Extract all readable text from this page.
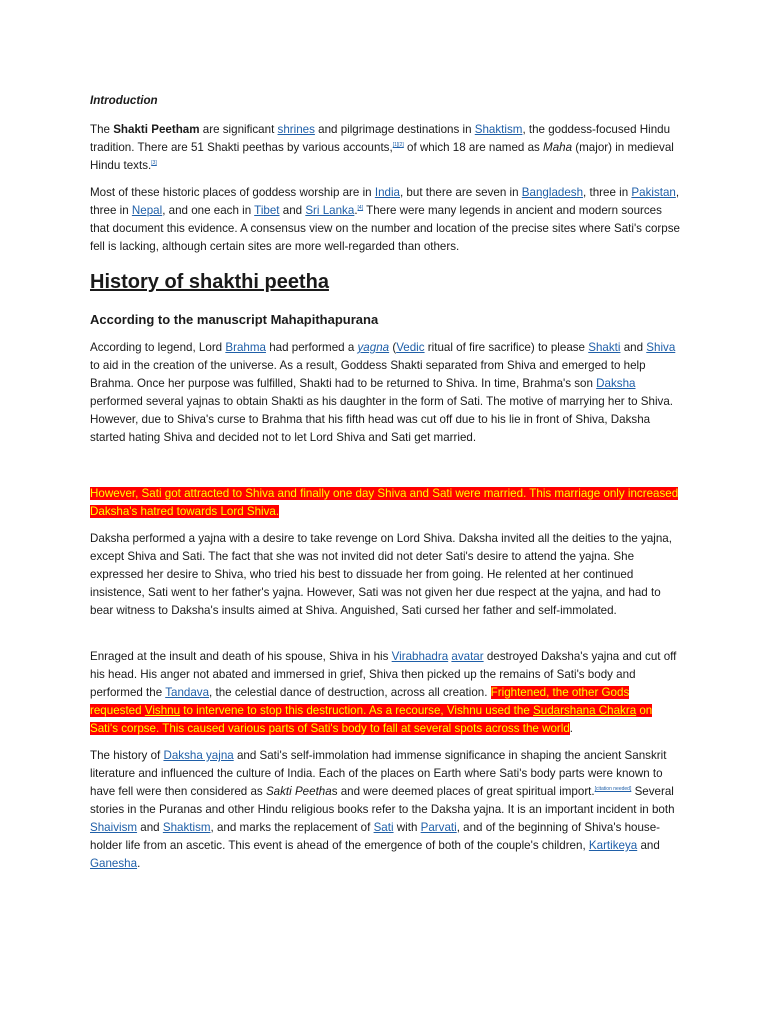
Introduction

The Shakti Peetham are significant shrines and pilgrimage destinations in Shaktism, the goddess-focused Hindu tradition. There are 51 Shakti peethas by various accounts,[1][2] of which 18 are named as Maha (major) in medieval Hindu texts.[3]

Most of these historic places of goddess worship are in India, but there are seven in Bangladesh, three in Pakistan, three in Nepal, and one each in Tibet and Sri Lanka.[4] There were many legends in ancient and modern sources that document this evidence. A consensus view on the number and location of the precise sites where Sati's corpse fell is lacking, although certain sites are more well-regarded than others.

History of shakthi peetha
According to the manuscript Mahapithapurana

According to legend, Lord Brahma had performed a yagna (Vedic ritual of fire sacrifice) to please Shakti and Shiva to aid in the creation of the universe. As a result, Goddess Shakti separated from Shiva and emerged to help Brahma. Once her purpose was fulfilled, Shakti had to be returned to Shiva. In time, Brahma's son Daksha performed several yajnas to obtain Shakti as his daughter in the form of Sati. The motive of marrying her to Shiva. However, due to Shiva's curse to Brahma that his fifth head was cut off due to his lie in front of Shiva, Daksha started hating Shiva and decided not to let Lord Shiva and Sati get married.

However, Sati got attracted to Shiva and finally one day Shiva and Sati were married. This marriage only increased Daksha's hatred towards Lord Shiva.

Daksha performed a yajna with a desire to take revenge on Lord Shiva. Daksha invited all the deities to the yajna, except Shiva and Sati. The fact that she was not invited did not deter Sati's desire to attend the yajna. She expressed her desire to Shiva, who tried his best to dissuade her from going. He relented at her continued insistence, Sati went to her father's yajna. However, Sati was not given her due respect at the yajna, and had to bear witness to Daksha's insults aimed at Shiva. Anguished, Sati cursed her father and self-immolated.

Enraged at the insult and death of his spouse, Shiva in his Virabhadra avatar destroyed Daksha's yajna and cut off his head. His anger not abated and immersed in grief, Shiva then picked up the remains of Sati's body and performed the Tandava, the celestial dance of destruction, across all creation. Frightened, the other Gods requested Vishnu to intervene to stop this destruction. As a recourse, Vishnu used the Sudarshana Chakra on Sati's corpse. This caused various parts of Sati's body to fall at several spots across the world.

The history of Daksha yajna and Sati's self-immolation had immense significance in shaping the ancient Sanskrit literature and influenced the culture of India. Each of the places on Earth where Sati's body parts were known to have fell were then considered as Sakti Peethas and were deemed places of great spiritual import.[citation needed] Several stories in the Puranas and other Hindu religious books refer to the Daksha yajna. It is an important incident in both Shaivism and Shaktism, and marks the replacement of Sati with Parvati, and of the beginning of Shiva's house-holder life from an ascetic. This event is ahead of the emergence of both of the couple's children, Kartikeya and Ganesha.
